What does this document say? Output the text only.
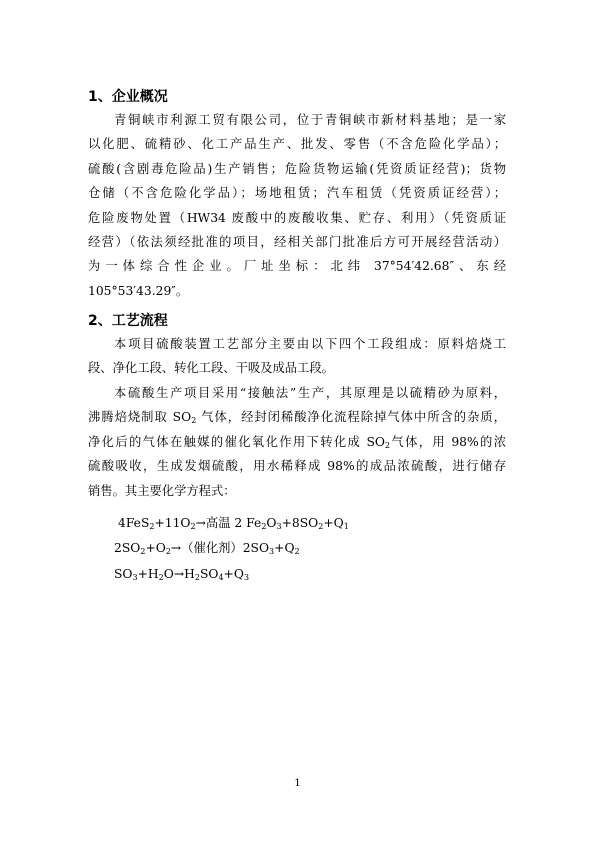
1、企业概况
青铜峡市利源工贸有限公司，位于青铜峡市新材料基地；是一家
以化肥、硫精砂、化工产品生产、批发、零售（不含危险化学品）；
硫酸(含剧毒危险品)生产销售；危险货物运输(凭资质证经营)；货物
仓储（不含危险化学品）；场地租赁；汽车租赁（凭资质证经营）；
危险废物处置（HW34 废酸中的废酸收集、贮存、利用）（凭资质证
经营）（依法须经批准的项目，经相关部门批准后方可开展经营活动）
为一体综合性企业。厂址坐标：北纬 37°54′42.68″、东经
105°53′43.29″。
2、工艺流程
本项目硫酸装置工艺部分主要由以下四个工段组成：原料焙烧工
段、净化工段、转化工段、干吸及成品工段。
本硫酸生产项目采用“接触法”生产，其原理是以硫精砂为原料，
沸腾焙烧制取 $SO_2$ 气体，经封闭稀酸净化流程除掉气体中所含的杂质，
净化后的气体在触媒的催化氧化作用下转化成 $SO_2$气体，用 98%的浓
硫酸吸收，生成发烟硫酸，用水稀释成 98%的成品浓硫酸，进行储存
销售。其主要化学方程式：
$4FeS_2+11O_2\to$高温 2 $Fe_2O_3+8SO_2+Q_1$
$2SO_2+O_2\to$（催化剂）$2SO_3+Q_2$
$SO_3+H_2O\to H_2SO_4+Q_3$
1
